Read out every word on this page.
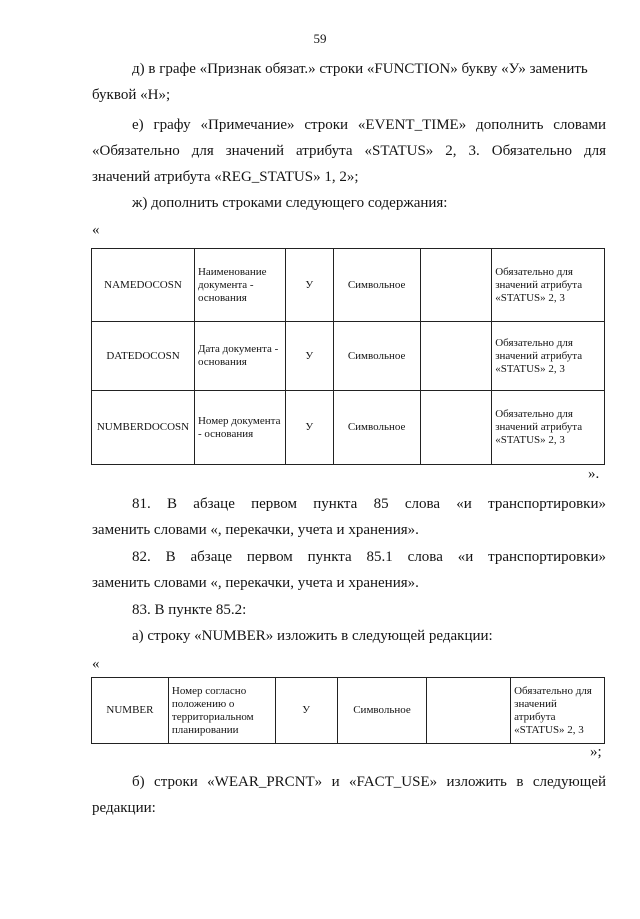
59

д) в графе «Признак обязат.» строки «FUNCTION» букву «У» заменить буквой «Н»;

е) графу «Примечание» строки «EVENT_TIME» дополнить словами
«Обязательно для значений атрибута «STATUS» 2, 3. Обязательно для
значений атрибута «REG_STATUS» 1, 2»;
ж) дополнить строками следующего содержания:
«
NAMEDOCOSN	Наименование документа - основания	У	Символьное		Обязательно для значений атрибута «STATUS» 2, 3
DATEDOCOSN	Дата документа - основания	У	Символьное		Обязательно для значений атрибута «STATUS» 2, 3
NUMBERDOCOSN	Номер документа - основания	У	Символьное		Обязательно для значений атрибута «STATUS» 2, 3
».
81. В абзаце первом пункта 85 слова «и транспортировки»
заменить словами «, перекачки, учета и хранения».
82. В абзаце первом пункта 85.1 слова «и транспортировки»
заменить словами «, перекачки, учета и хранения».
83. В пункте 85.2:
а) строку «NUMBER» изложить в следующей редакции:
«
NUMBER	Номер согласно положению о территориальном планировании	У	Символьное		Обязательно для значений атрибута «STATUS» 2, 3
»;
б) строки «WEAR_PRCNT» и «FACT_USE» изложить в следующей
редакции:
